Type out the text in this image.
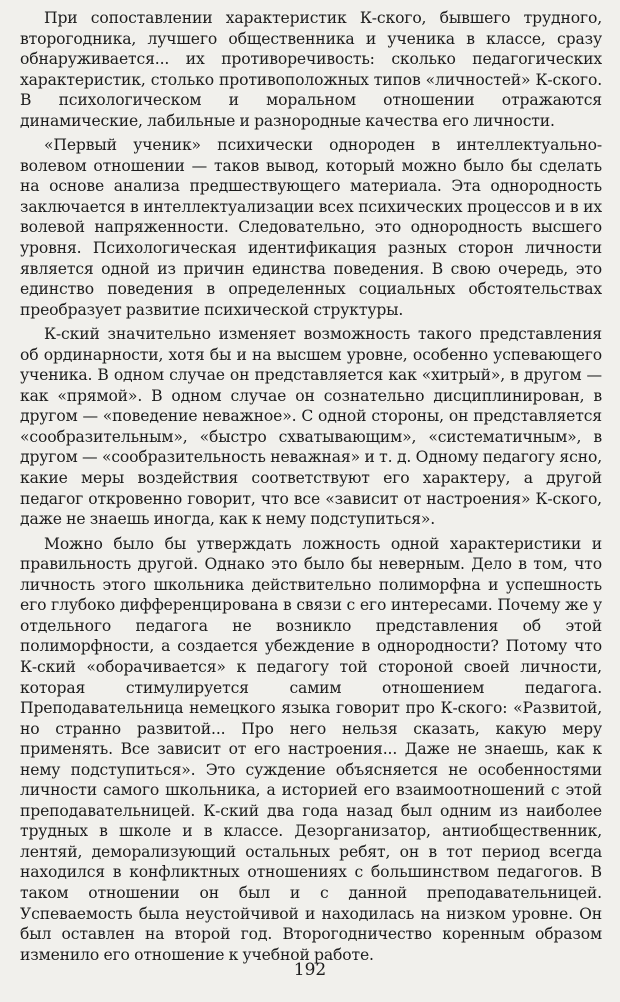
При сопоставлении характеристик К-ского, бывшего трудного, второгодника, лучшего общественника и ученика в классе, сразу обнаруживается... их противоречивость: сколько педагогических характеристик, столько противоположных типов «личностей» К-ского. В психологическом и моральном отношении отражаются динамические, лабильные и разнородные качества его личности.

«Первый ученик» психически однороден в интеллектуально-волевом отношении — таков вывод, который можно было бы сделать на основе анализа предшествующего материала. Эта однородность заключается в интеллектуализации всех психических процессов и в их волевой напряженности. Следовательно, это однородность высшего уровня. Психологическая идентификация разных сторон личности является одной из причин единства поведения. В свою очередь, это единство поведения в определенных социальных обстоятельствах преобразует развитие психической структуры.

К-ский значительно изменяет возможность такого представления об ординарности, хотя бы и на высшем уровне, особенно успевающего ученика. В одном случае он представляется как «хитрый», в другом — как «прямой». В одном случае он сознательно дисциплинирован, в другом — «поведение неважное». С одной стороны, он представляется «сообразительным», «быстро схватывающим», «систематичным», в другом — «сообразительность неважная» и т. д. Одному педагогу ясно, какие меры воздействия соответствуют его характеру, а другой педагог откровенно говорит, что все «зависит от настроения» К-ского, даже не знаешь иногда, как к нему подступиться».

Можно было бы утверждать ложность одной характеристики и правильность другой. Однако это было бы неверным. Дело в том, что личность этого школьника действительно полиморфна и успешность его глубоко дифференцирована в связи с его интересами. Почему же у отдельного педагога не возникло представления об этой полиморфности, а создается убеждение в однородности? Потому что К-ский «оборачивается» к педагогу той стороной своей личности, которая стимулируется самим отношением педагога. Преподавательница немецкого языка говорит про К-ского: «Развитой, но странно развитой... Про него нельзя сказать, какую меру применять. Все зависит от его настроения... Даже не знаешь, как к нему подступиться». Это суждение объясняется не особенностями личности самого школьника, а историей его взаимоотношений с этой преподавательницей. К-ский два года назад был одним из наиболее трудных в школе и в классе. Дезорганизатор, антиобщественник, лентяй, деморализующий остальных ребят, он в тот период всегда находился в конфликтных отношениях с большинством педагогов. В таком отношении он был и с данной преподавательницей. Успеваемость была неустойчивой и находилась на низком уровне. Он был оставлен на второй год. Второгодничество коренным образом изменило его отношение к учебной работе.

192
